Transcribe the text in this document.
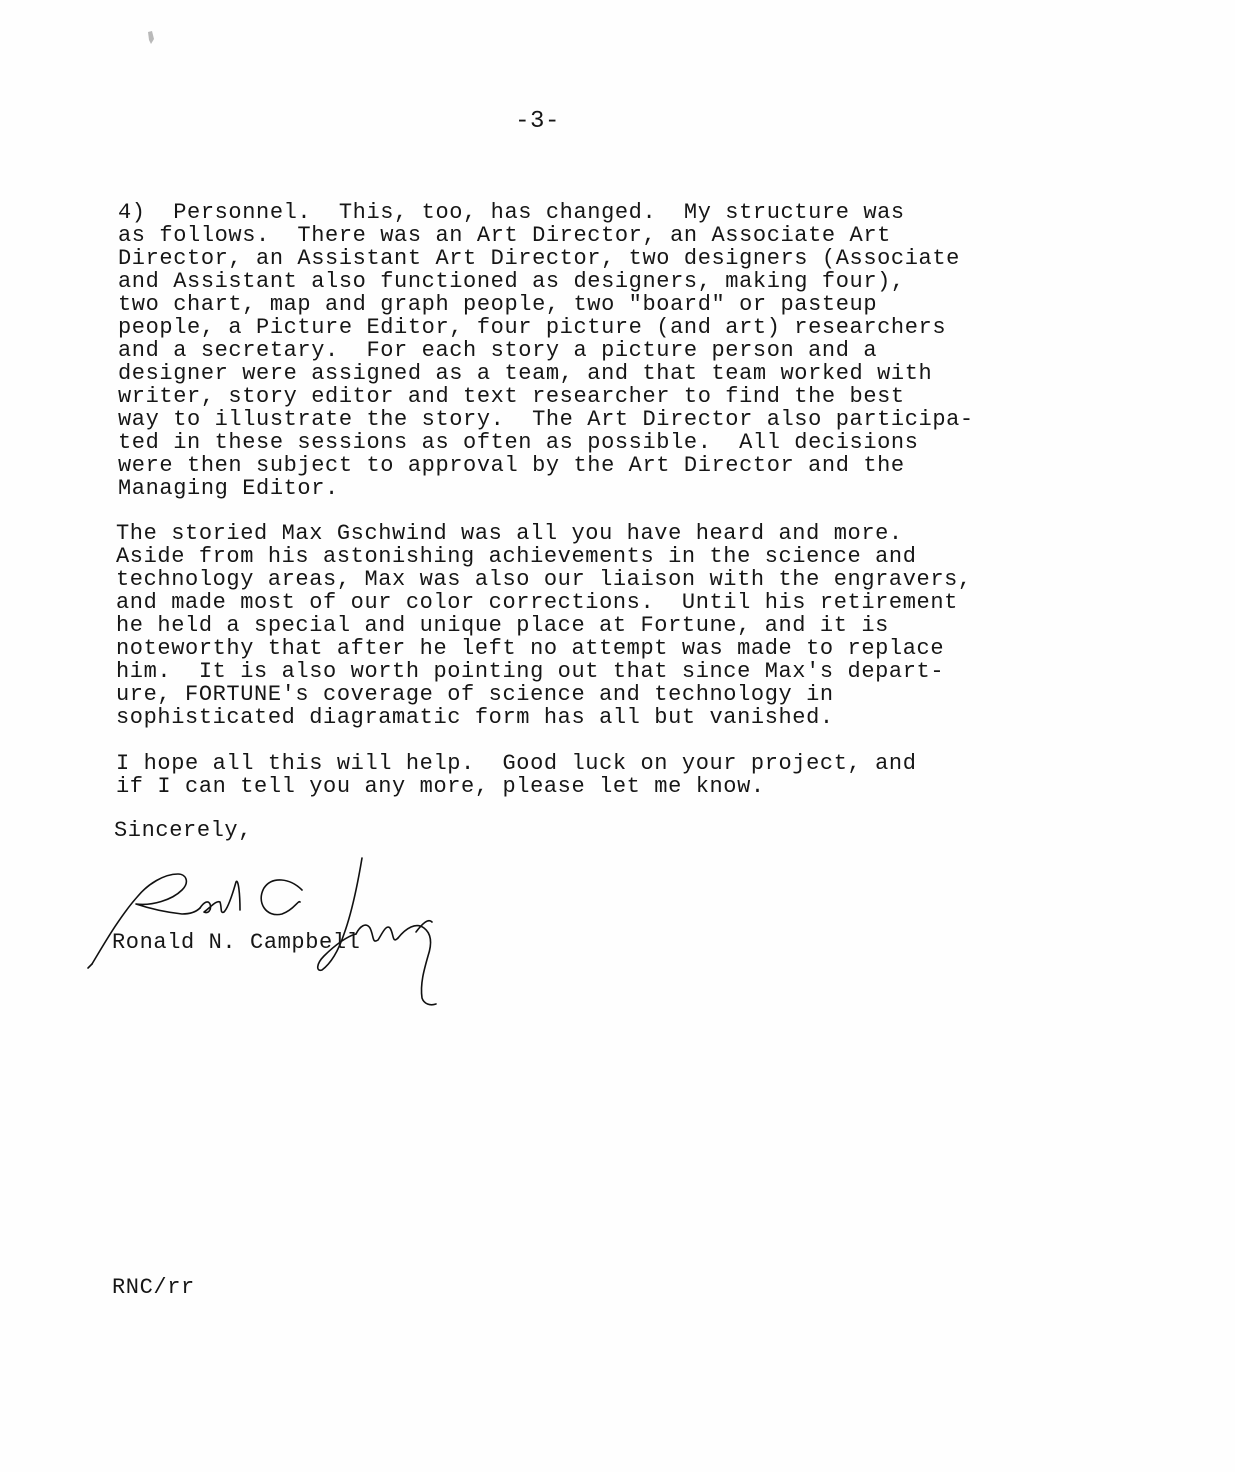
-3-
4)  Personnel.  This, too, has changed.  My structure was
as follows.  There was an Art Director, an Associate Art
Director, an Assistant Art Director, two designers (Associate
and Assistant also functioned as designers, making four),
two chart, map and graph people, two "board" or pasteup
people, a Picture Editor, four picture (and art) researchers
and a secretary.  For each story a picture person and a
designer were assigned as a team, and that team worked with
writer, story editor and text researcher to find the best
way to illustrate the story.  The Art Director also participa-
ted in these sessions as often as possible.  All decisions
were then subject to approval by the Art Director and the
Managing Editor.
The storied Max Gschwind was all you have heard and more.
Aside from his astonishing achievements in the science and
technology areas, Max was also our liaison with the engravers,
and made most of our color corrections.  Until his retirement
he held a special and unique place at Fortune, and it is
noteworthy that after he left no attempt was made to replace
him.  It is also worth pointing out that since Max's depart-
ure, FORTUNE's coverage of science and technology in
sophisticated diagramatic form has all but vanished.
I hope all this will help.  Good luck on your project, and
if I can tell you any more, please let me know.
Sincerely,
Ronald N. Campbell
RNC/rr
